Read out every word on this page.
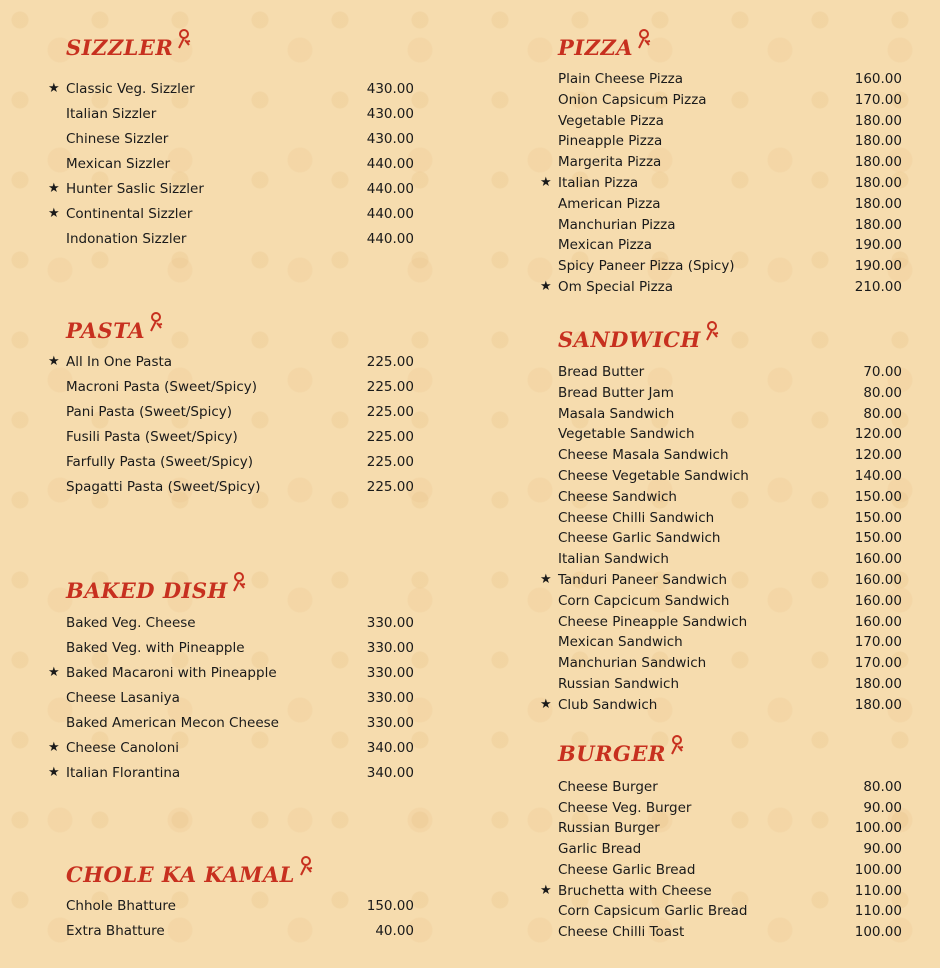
SIZZLER
★ Classic Veg. Sizzler	430.00
Italian Sizzler	430.00
Chinese Sizzler	430.00
Mexican Sizzler	440.00
★ Hunter Saslic Sizzler	440.00
★ Continental Sizzler	440.00
Indonation Sizzler	440.00
PASTA
★ All In One Pasta	225.00
Macroni Pasta (Sweet/Spicy)	225.00
Pani Pasta (Sweet/Spicy)	225.00
Fusili Pasta (Sweet/Spicy)	225.00
Farfully Pasta (Sweet/Spicy)	225.00
Spagatti Pasta (Sweet/Spicy)	225.00
BAKED DISH
Baked Veg. Cheese	330.00
Baked Veg. with Pineapple	330.00
★ Baked Macaroni with Pineapple	330.00
Cheese Lasaniya	330.00
Baked American Mecon Cheese	330.00
★ Cheese Canoloni	340.00
★ Italian Florantina	340.00
CHOLE KA KAMAL
Chhole Bhatture	150.00
Extra Bhatture	40.00
PIZZA
Plain Cheese Pizza	160.00
Onion Capsicum Pizza	170.00
Vegetable Pizza	180.00
Pineapple Pizza	180.00
Margerita Pizza	180.00
★ Italian Pizza	180.00
American Pizza	180.00
Manchurian Pizza	180.00
Mexican Pizza	190.00
Spicy Paneer Pizza (Spicy)	190.00
★ Om Special Pizza	210.00
SANDWICH
Bread Butter	70.00
Bread Butter Jam	80.00
Masala Sandwich	80.00
Vegetable Sandwich	120.00
Cheese Masala Sandwich	120.00
Cheese Vegetable Sandwich	140.00
Cheese Sandwich	150.00
Cheese Chilli Sandwich	150.00
Cheese Garlic Sandwich	150.00
Italian Sandwich	160.00
★ Tanduri Paneer Sandwich	160.00
Corn Capcicum Sandwich	160.00
Cheese Pineapple Sandwich	160.00
Mexican Sandwich	170.00
Manchurian Sandwich	170.00
Russian Sandwich	180.00
★ Club Sandwich	180.00
BURGER
Cheese Burger	80.00
Cheese Veg. Burger	90.00
Russian Burger	100.00
Garlic Bread	90.00
Cheese Garlic Bread	100.00
★ Bruchetta with Cheese	110.00
Corn Capsicum Garlic Bread	110.00
Cheese Chilli Toast	100.00
